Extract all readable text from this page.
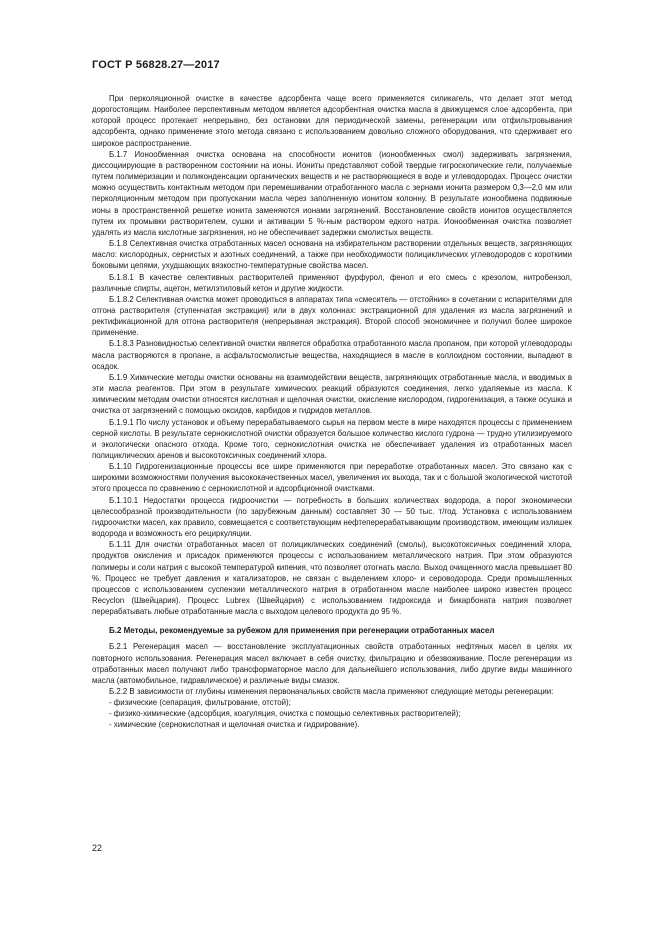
ГОСТ Р 56828.27—2017

При перколяционной очистке в качестве адсорбента чаще всего применяется силикагель, что делает этот метод дорогостоящим. Наиболее перспективным методом является адсорбентная очистка масла в движущемся слое адсорбента, при которой процесс протекает непрерывно, без остановки для периодической замены, регенерации или отфильтровывания адсорбента, однако применение этого метода связано с использованием довольно сложного оборудования, что сдерживает его широкое распространение.

Б.1.7 Ионообменная очистка основана на способности ионитов (ионообменных смол) задерживать загрязнения, диссоциирующие в растворенном состоянии на ионы. Иониты представляют собой твердые гигроскопические гели, получаемые путем полимеризации и поликонденсации органических веществ и не растворяющиеся в воде и углеводородах. Процесс очистки можно осуществить контактным методом при перемешивании отработанного масла с зернами ионита размером 0,3—2,0 мм или перколяционным методом при пропускании масла через заполненную ионитом колонну. В результате ионообмена подвижные ионы в пространственной решетке ионита заменяются ионами загрязнений. Восстановление свойств ионитов осуществляется путем их промывки растворителем, сушки и активации 5 %-ным раствором едкого натра. Ионообменная очистка позволяет удалять из масла кислотные загрязнения, но не обеспечивает задержки смолистых веществ.

Б.1.8 Селективная очистка отработанных масел основана на избирательном растворении отдельных веществ, загрязняющих масло: кислородных, сернистых и азотных соединений, а также при необходимости полициклических углеводородов с короткими боковыми цепями, ухудшающих вязкостно-температурные свойства масел.

Б.1.8.1 В качестве селективных растворителей применяют фурфурол, фенол и его смесь с крезолом, нитробензол, различные спирты, ацетон, метилэтиловый кетон и другие жидкости.

Б.1.8.2 Селективная очистка может проводиться в аппаратах типа «смеситель — отстойник» в сочетании с испарителями для отгона растворителя (ступенчатая экстракция) или в двух колоннах: экстракционной для удаления из масла загрязнений и ректификационной для отгона растворителя (непрерывная экстракция). Второй способ экономичнее и получил более широкое применение.

Б.1.8.3 Разновидностью селективной очистки является обработка отработанного масла пропаном, при которой углеводороды масла растворяются в пропане, а асфальтосмолистые вещества, находящиеся в масле в коллоидном состоянии, выпадают в осадок.

Б.1.9 Химические методы очистки основаны на взаимодействии веществ, загрязняющих отработанные масла, и вводимых в эти масла реагентов. При этом в результате химических реакций образуются соединения, легко удаляемые из масла. К химическим методам очистки относятся кислотная и щелочная очистки, окисление кислородом, гидрогенизация, а также осушка и очистка от загрязнений с помощью оксидов, карбидов и гидридов металлов.

Б.1.9.1 По числу установок и объему перерабатываемого сырья на первом месте в мире находятся процессы с применением серной кислоты. В результате сернокислотной очистки образуется большое количество кислого гудрона — трудно утилизируемого и экологически опасного отхода. Кроме того, сернокислотная очистка не обеспечивает удаления из отработанных масел полициклических аренов и высокотоксичных соединений хлора.

Б.1.10 Гидрогенизационные процессы все шире применяются при переработке отработанных масел. Это связано как с широкими возможностями получения высококачественных масел, увеличения их выхода, так и с большой экологической чистотой этого процесса по сравнению с сернокислотной и адсорбционной очистками.

Б.1.10.1 Недостатки процесса гидроочистки — потребность в больших количествах водорода, а порог экономически целесообразной производительности (по зарубежным данным) составляет 30 — 50 тыс. т/год. Установка с использованием гидроочистки масел, как правило, совмещается с соответствующим нефтеперерабатывающим производством, имеющим излишек водорода и возможность его рециркуляции.

Б.1.11 Для очистки отработанных масел от полициклических соединений (смолы), высокотоксичных соединений хлора, продуктов окисления и присадок применяются процессы с использованием металлического натрия. При этом образуются полимеры и соли натрия с высокой температурой кипения, что позволяет отогнать масло. Выход очищенного масла превышает 80 %. Процесс не требует давления и катализаторов, не связан с выделением хлоро- и сероводорода. Среди промышленных процессов с использованием суспензии металлического натрия в отработанном масле наиболее широко известен процесс Recyclon (Швейцария). Процесс Lubrex (Швейцария) с использованием гидроксида и бикарбоната натрия позволяет перерабатывать любые отработанные масла с выходом целевого продукта до 95 %.

Б.2 Методы, рекомендуемые за рубежом для применения при регенерации отработанных масел

Б.2.1 Регенерация масел — восстановление эксплуатационных свойств отработанных нефтяных масел в целях их повторного использования. Регенерация масел включает в себя очистку, фильтрацию и обезвоживание. После регенерации из отработанных масел получают либо трансформаторное масло для дальнейшего использования, либо другие виды машинного масла (автомобильное, гидравлическое) и различные виды смазок.

Б.2.2 В зависимости от глубины изменения первоначальных свойств масла применяют следующие методы регенерации:

- физические (сепарация, фильтрование, отстой);

- физико-химические (адсорбция, коагуляция, очистка с помощью селективных растворителей);

- химические (сернокислотная и щелочная очистка и гидрирование).

22
